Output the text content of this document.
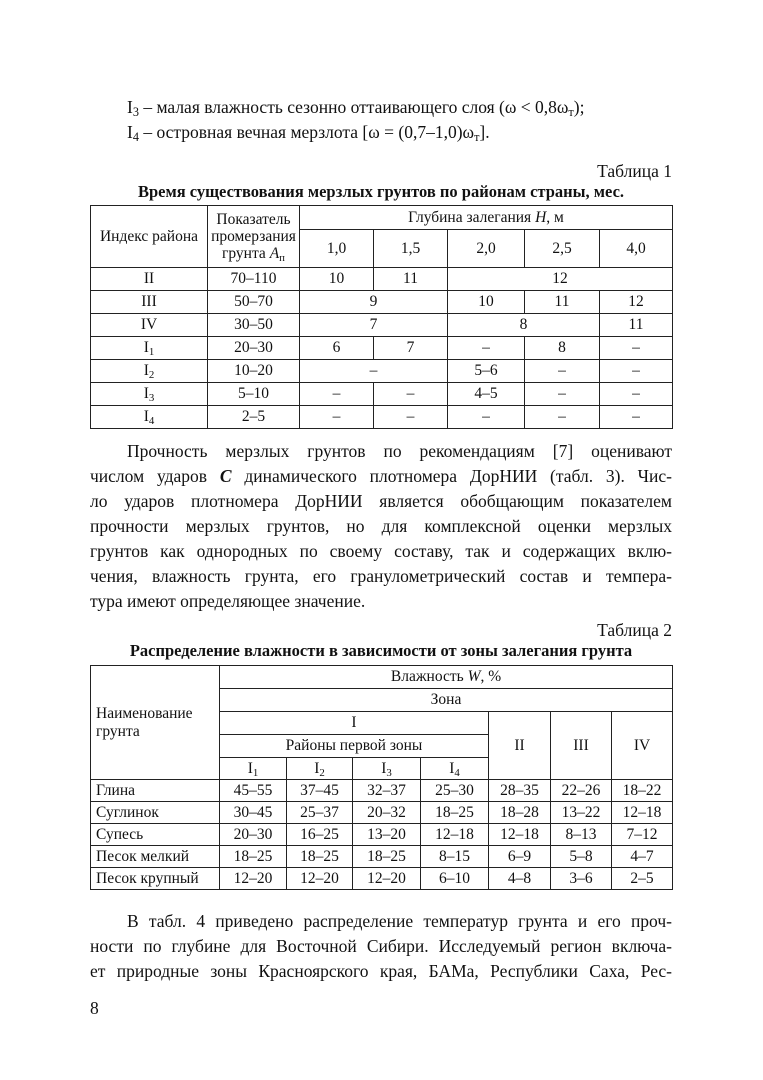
$I_3$ – малая влажность сезонно оттаивающего слоя $(\omega < 0,8\omega_т)$;
$I_4$ – островная вечная мерзлота $[\omega = (0,7-1,0)\omega_т]$.
Таблица 1
Время существования мерзлых грунтов по районам страны, мес.
Индекс района	Показатель
промерзания
грунта $A_п$	Глубина залегания H, м				
		1,0	1,5	2,0	2,5	4,0
II	70–110	10	11	12		
III	50–70	9		10	11	12
IV	30–50	7		8		11
$I_1$	20–30	6	7	–	8	–
$I_2$	10–20	–		5–6	–	–
$I_3$	5–10	–	–	4–5	–	–
$I_4$	2–5	–	–	–	–	–
Прочность мерзлых грунтов по рекомендациям [7] оценивают
числом ударов C динамического плотномера ДорНИИ (табл. 3). Чис-
ло ударов плотномера ДорНИИ является обобщающим показателем
прочности мерзлых грунтов, но для комплексной оценки мерзлых
грунтов как однородных по своему составу, так и содержащих вклю-
чения, влажность грунта, его гранулометрический состав и темпера-
тура имеют определяющее значение.
Таблица 2
Распределение влажности в зависимости от зоны залегания грунта
Наименование
грунта	Влажность W, %						
	Зона						
	I				II	III	IV
	Районы первой зоны						
	$I_1$	$I_2$	$I_3$	$I_4$
Глина	45–55	37–45	32–37	25–30	28–35	22–26	18–22
Суглинок	30–45	25–37	20–32	18–25	18–28	13–22	12–18
Супесь	20–30	16–25	13–20	12–18	12–18	8–13	7–12
Песок мелкий	18–25	18–25	18–25	8–15	6–9	5–8	4–7
Песок крупный	12–20	12–20	12–20	6–10	4–8	3–6	2–5
В табл. 4 приведено распределение температур грунта и его проч-
ности по глубине для Восточной Сибири. Исследуемый регион включа-
ет природные зоны Красноярского края, БАМа, Республики Саха, Рес-
8
